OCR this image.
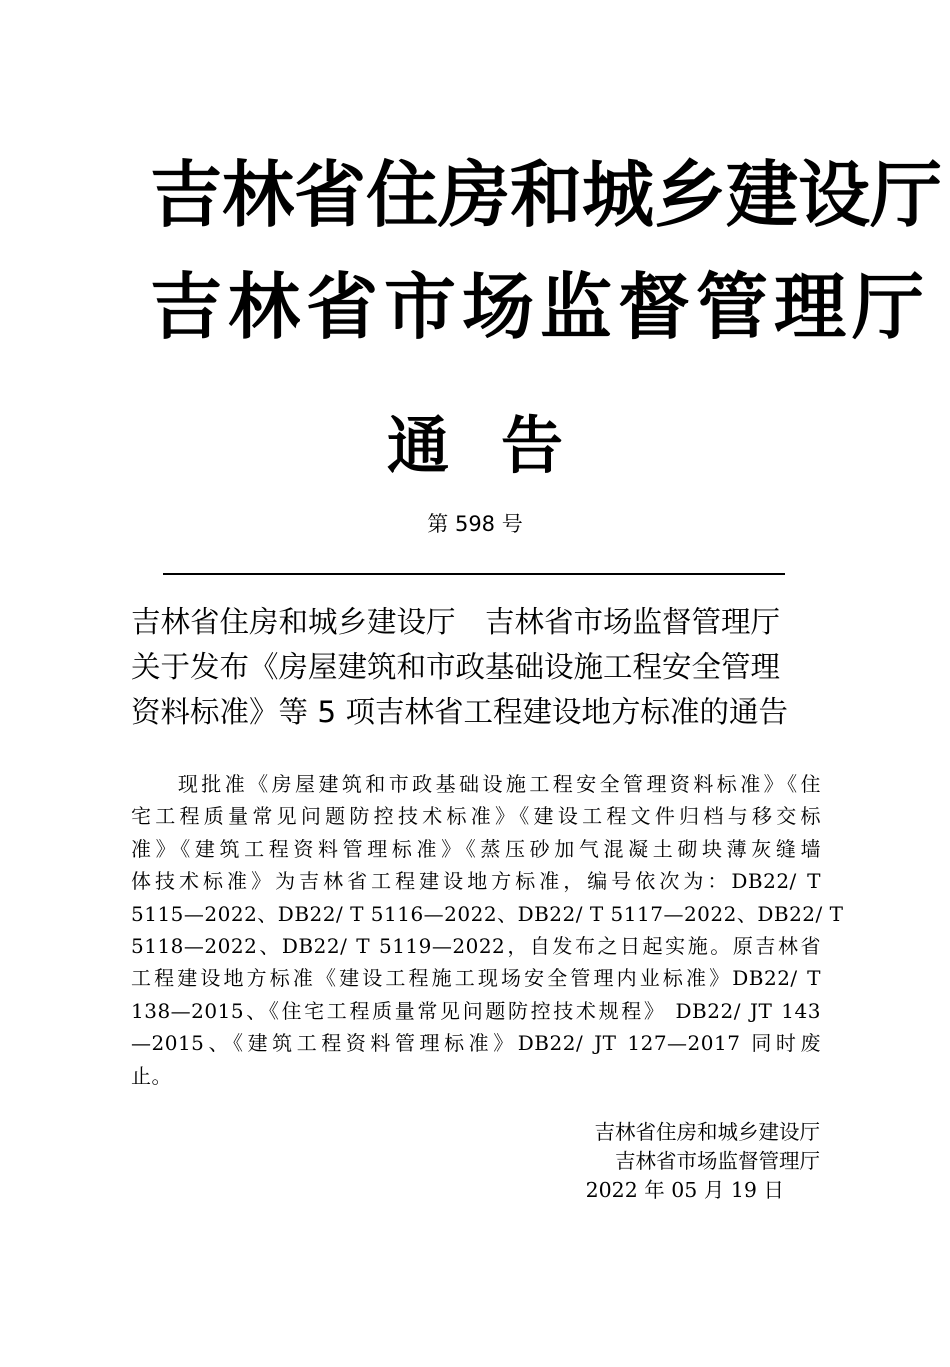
吉林省住房和城乡建设厅
吉林省市场监督管理厅
通告
第 598 号
吉林省住房和城乡建设厅　吉林省市场监督管理厅
关于发布《房屋建筑和市政基础设施工程安全管理
资料标准》等 5 项吉林省工程建设地方标准的通告
　　现批准《房屋建筑和市政基础设施工程安全管理资料标准》《住
宅工程质量常见问题防控技术标准》《建设工程文件归档与移交标
准》《建筑工程资料管理标准》《蒸压砂加气混凝土砌块薄灰缝墙
体技术标准》为吉林省工程建设地方标准，编号依次为：DB22/ T
5115—2022、DB22/ T 5116—2022、DB22/ T 5117—2022、DB22/ T
5118—2022、DB22/ T 5119—2022，自发布之日起实施。原吉林省
工程建设地方标准《建设工程施工现场安全管理内业标准》DB22/ T
138—2015、《住宅工程质量常见问题防控技术规程》 DB22/ JT 143
—2015、《建筑工程资料管理标准》DB22/ JT 127—2017 同时废
止。
吉林省住房和城乡建设厅
吉林省市场监督管理厅
2022 年 05 月 19 日
